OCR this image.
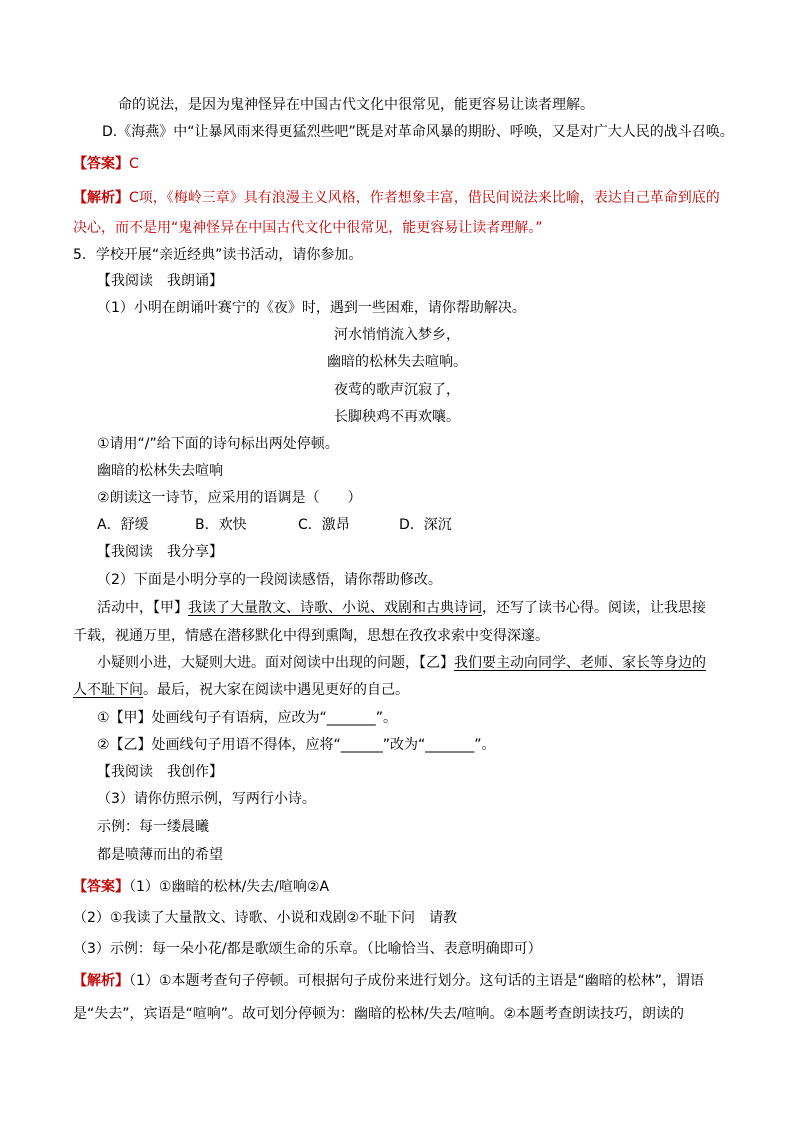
命的说法，是因为鬼神怪异在中国古代文化中很常见，能更容易让读者理解。
D.《海燕》中“让暴风雨来得更猛烈些吧”既是对革命风暴的期盼、呼唤，又是对广大人民的战斗召唤。
【答案】C
【解析】C项，《梅岭三章》具有浪漫主义风格，作者想象丰富，借民间说法来比喻，表达自己革命到底的
决心，而不是用“鬼神怪异在中国古代文化中很常见，能更容易让读者理解。”
5．学校开展“亲近经典”读书活动，请你参加。
【我阅读　我朗诵】
（1）小明在朗诵叶赛宁的《夜》时，遇到一些困难，请你帮助解决。
河水悄悄流入梦乡，
幽暗的松林失去喧响。
夜莺的歌声沉寂了，
长脚秧鸡不再欢嚷。
①请用“/”给下面的诗句标出两处停顿。
幽暗的松林失去喧响
②朗读这一诗节，应采用的语调是（　　）
A．舒缓	B．欢快	C．激昂	D．深沉
【我阅读　我分享】
（2）下面是小明分享的一段阅读感悟，请你帮助修改。
活动中，【甲】我读了大量散文、诗歌、小说、戏剧和古典诗词，还写了读书心得。阅读，让我思接
千载，视通万里，情感在潜移默化中得到熏陶，思想在孜孜求索中变得深邃。
小疑则小进，大疑则大进。面对阅读中出现的问题，【乙】我们要主动向同学、老师、家长等身边的
人不耻下问。最后，祝大家在阅读中遇见更好的自己。
①【甲】处画线句子有语病，应改为“_______”。
②【乙】处画线句子用语不得体，应将“______”改为“_______”。
【我阅读　我创作】
（3）请你仿照示例，写两行小诗。
示例：每一缕晨曦
都是喷薄而出的希望
【答案】（1）①幽暗的松林/失去/喧响②A
（2）①我读了大量散文、诗歌、小说和戏剧②不耻下问　请教
（3）示例：每一朵小花/都是歌颂生命的乐章。（比喻恰当、表意明确即可）
【解析】（1）①本题考查句子停顿。可根据句子成份来进行划分。这句话的主语是“幽暗的松林”，谓语
是“失去”，宾语是“喧响”。故可划分停顿为：幽暗的松林/失去/喧响。②本题考查朗读技巧，朗读的
